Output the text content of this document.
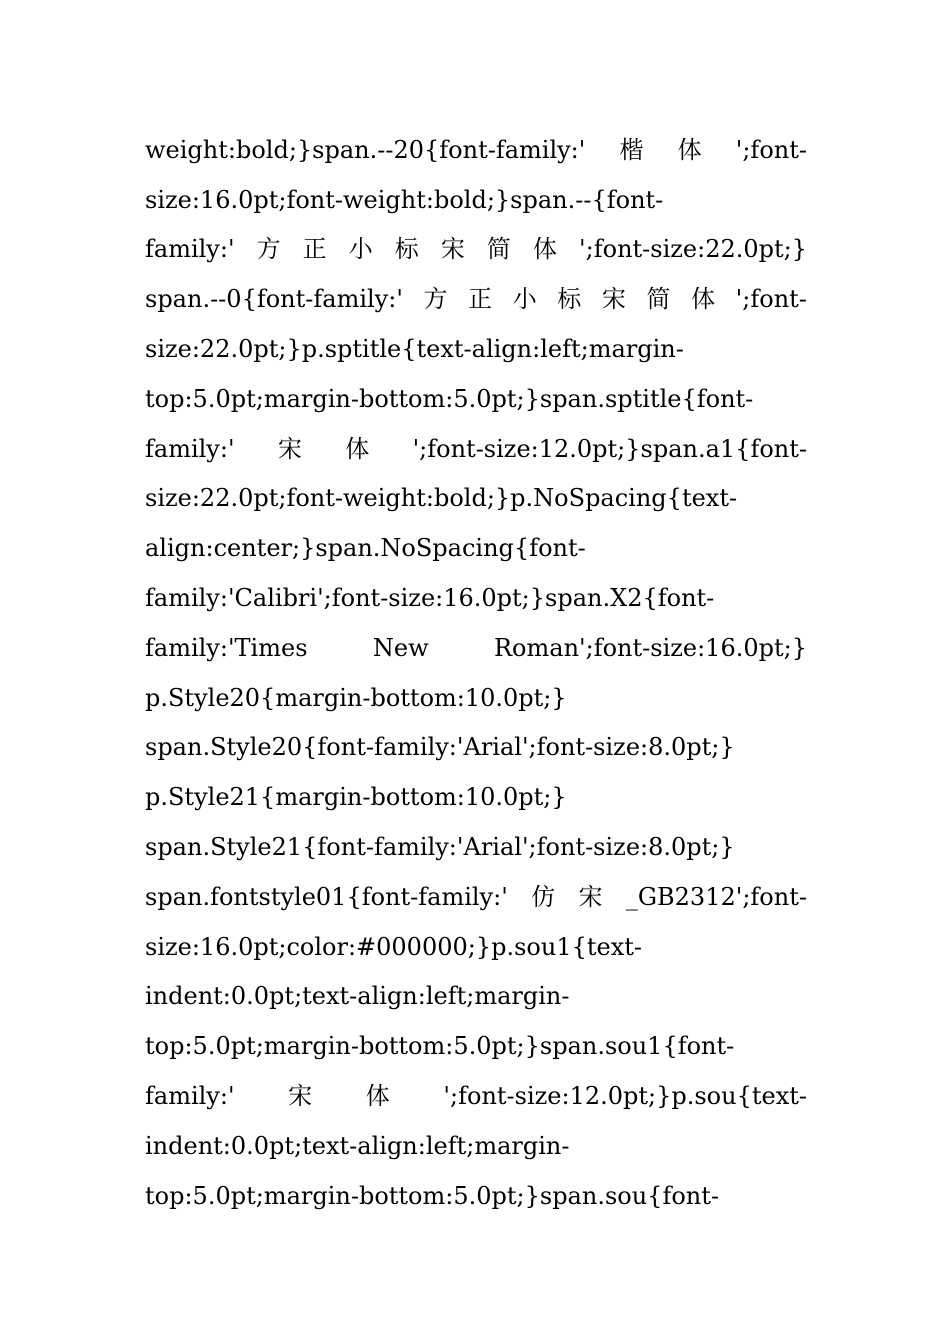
weight:bold;}span.--20{font-family:' 楷 体 ';font-
size:16.0pt;font-weight:bold;}span.--{font-
family:' 方 正 小 标 宋 简 体 ';font-size:22.0pt;}
span.--0{font-family:' 方 正 小 标 宋 简 体 ';font-
size:22.0pt;}p.sptitle{text-align:left;margin-
top:5.0pt;margin-bottom:5.0pt;}span.sptitle{font-
family:' 宋 体 ';font-size:12.0pt;}span.a1{font-
size:22.0pt;font-weight:bold;}p.NoSpacing{text-
align:center;}span.NoSpacing{font-
family:'Calibri';font-size:16.0pt;}span.X2{font-
family:'Times	New	Roman';font-size:16.0pt;}
p.Style20{margin-bottom:10.0pt;}
span.Style20{font-family:'Arial';font-size:8.0pt;}
p.Style21{margin-bottom:10.0pt;}
span.Style21{font-family:'Arial';font-size:8.0pt;}
span.fontstyle01{font-family:' 仿 宋 _GB2312';font-
size:16.0pt;color:#000000;}p.sou1{text-
indent:0.0pt;text-align:left;margin-
top:5.0pt;margin-bottom:5.0pt;}span.sou1{font-
family:' 宋 体 ';font-size:12.0pt;}p.sou{text-
indent:0.0pt;text-align:left;margin-
top:5.0pt;margin-bottom:5.0pt;}span.sou{font-
